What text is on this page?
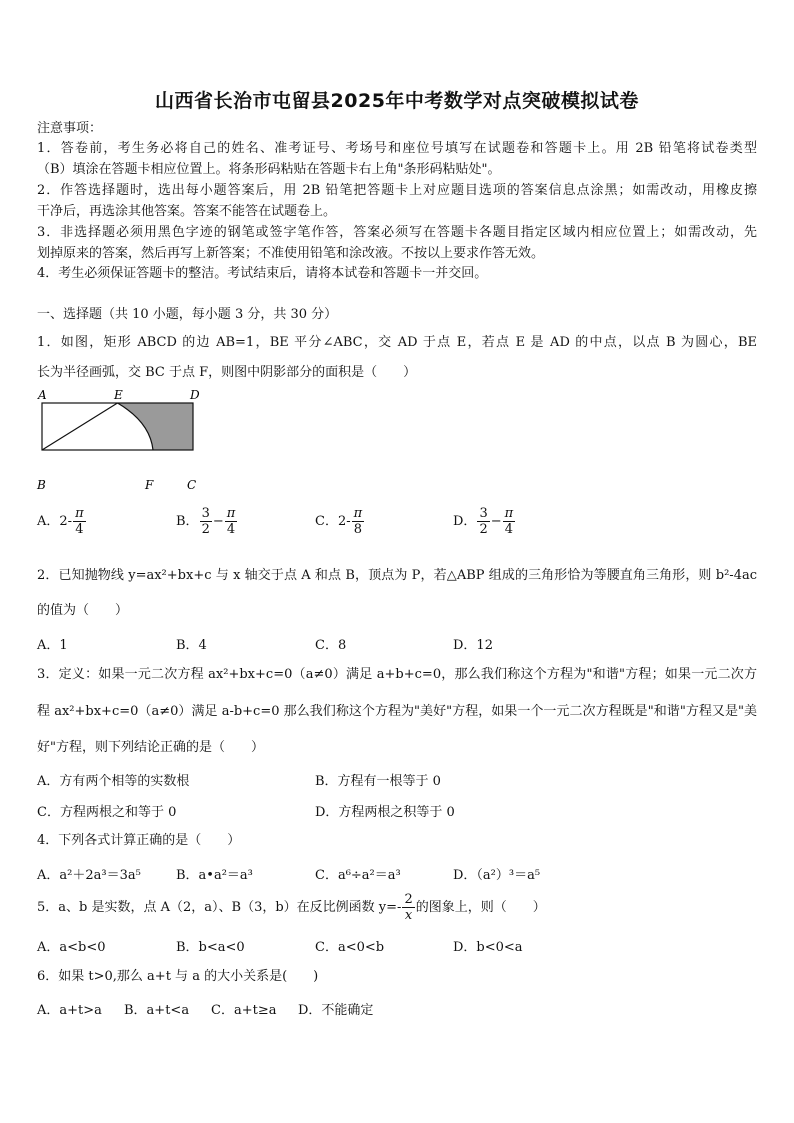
山西省长治市屯留县2025年中考数学对点突破模拟试卷
注意事项：
1．答卷前，考生务必将自己的姓名、准考证号、考场号和座位号填写在试题卷和答题卡上。用 2B 铅笔将试卷类型
（B）填涂在答题卡相应位置上。将条形码粘贴在答题卡右上角"条形码粘贴处"。
2．作答选择题时，选出每小题答案后，用 2B 铅笔把答题卡上对应题目选项的答案信息点涂黑；如需改动，用橡皮擦
干净后，再选涂其他答案。答案不能答在试题卷上。
3．非选择题必须用黑色字迹的钢笔或签字笔作答，答案必须写在答题卡各题目指定区域内相应位置上；如需改动，先
划掉原来的答案，然后再写上新答案；不准使用铅笔和涂改液。不按以上要求作答无效。
4．考生必须保证答题卡的整洁。考试结束后，请将本试卷和答题卡一并交回。
一、选择题（共 10 小题，每小题 3 分，共 30 分）
1．如图，矩形 ABCD 的边 AB=1，BE 平分∠ABC，交 AD 于点 E，若点 E 是 AD 的中点，以点 B 为圆心，BE
长为半径画弧，交 BC 于点 F，则图中阴影部分的面积是（　　）
A	E	D
B	F	C
A．$2- \frac{\pi}{4}$	B． $\frac{3}{2} - \frac{\pi}{4}$	C．$2- \frac{\pi}{8}$	D． $\frac{3}{2} - \frac{\pi}{4}$
2．已知抛物线 y=ax²+bx+c 与 x 轴交于点 A 和点 B，顶点为 P，若△ABP 组成的三角形恰为等腰直角三角形，则 b²-4ac
的值为（　　）
A．1	B．4	C．8	D．12
3．定义：如果一元二次方程 ax²+bx+c=0（a≠0）满足 a+b+c=0，那么我们称这个方程为"和谐"方程；如果一元二次方
程 ax²+bx+c=0（a≠0）满足 a-b+c=0 那么我们称这个方程为"美好"方程，如果一个一元二次方程既是"和谐"方程又是"美
好"方程，则下列结论正确的是（　　）
A．方有两个相等的实数根	B．方程有一根等于 0
C．方程两根之和等于 0	D．方程两根之积等于 0
4．下列各式计算正确的是（　　）
A．a²＋2a³＝3a⁵	B．a•a²＝a³	C．a⁶÷a²＝a³	D．（a²）³＝a⁵
5．a、b 是实数，点 A（2，a）、B（3，b）在反比例函数 $y=- \frac{2}{x}$ 的图象上，则（　　）
A．a<b<0	B．b<a<0	C．a<0<b	D．b<0<a
6．如果 t>0,那么 a+t 与 a 的大小关系是(　　)
A．a+t>a B．a+t<a C．a+t≥a D．不能确定
